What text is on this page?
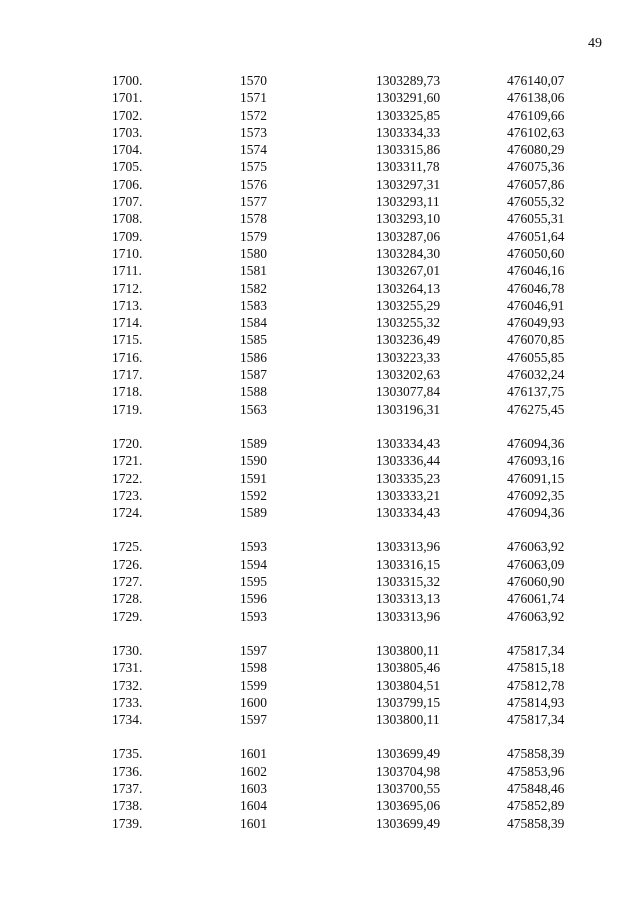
49
1700.	1570	1303289,73	476140,07
1701.	1571	1303291,60	476138,06
1702.	1572	1303325,85	476109,66
1703.	1573	1303334,33	476102,63
1704.	1574	1303315,86	476080,29
1705.	1575	1303311,78	476075,36
1706.	1576	1303297,31	476057,86
1707.	1577	1303293,11	476055,32
1708.	1578	1303293,10	476055,31
1709.	1579	1303287,06	476051,64
1710.	1580	1303284,30	476050,60
1711.	1581	1303267,01	476046,16
1712.	1582	1303264,13	476046,78
1713.	1583	1303255,29	476046,91
1714.	1584	1303255,32	476049,93
1715.	1585	1303236,49	476070,85
1716.	1586	1303223,33	476055,85
1717.	1587	1303202,63	476032,24
1718.	1588	1303077,84	476137,75
1719.	1563	1303196,31	476275,45
1720.	1589	1303334,43	476094,36
1721.	1590	1303336,44	476093,16
1722.	1591	1303335,23	476091,15
1723.	1592	1303333,21	476092,35
1724.	1589	1303334,43	476094,36
1725.	1593	1303313,96	476063,92
1726.	1594	1303316,15	476063,09
1727.	1595	1303315,32	476060,90
1728.	1596	1303313,13	476061,74
1729.	1593	1303313,96	476063,92
1730.	1597	1303800,11	475817,34
1731.	1598	1303805,46	475815,18
1732.	1599	1303804,51	475812,78
1733.	1600	1303799,15	475814,93
1734.	1597	1303800,11	475817,34
1735.	1601	1303699,49	475858,39
1736.	1602	1303704,98	475853,96
1737.	1603	1303700,55	475848,46
1738.	1604	1303695,06	475852,89
1739.	1601	1303699,49	475858,39
